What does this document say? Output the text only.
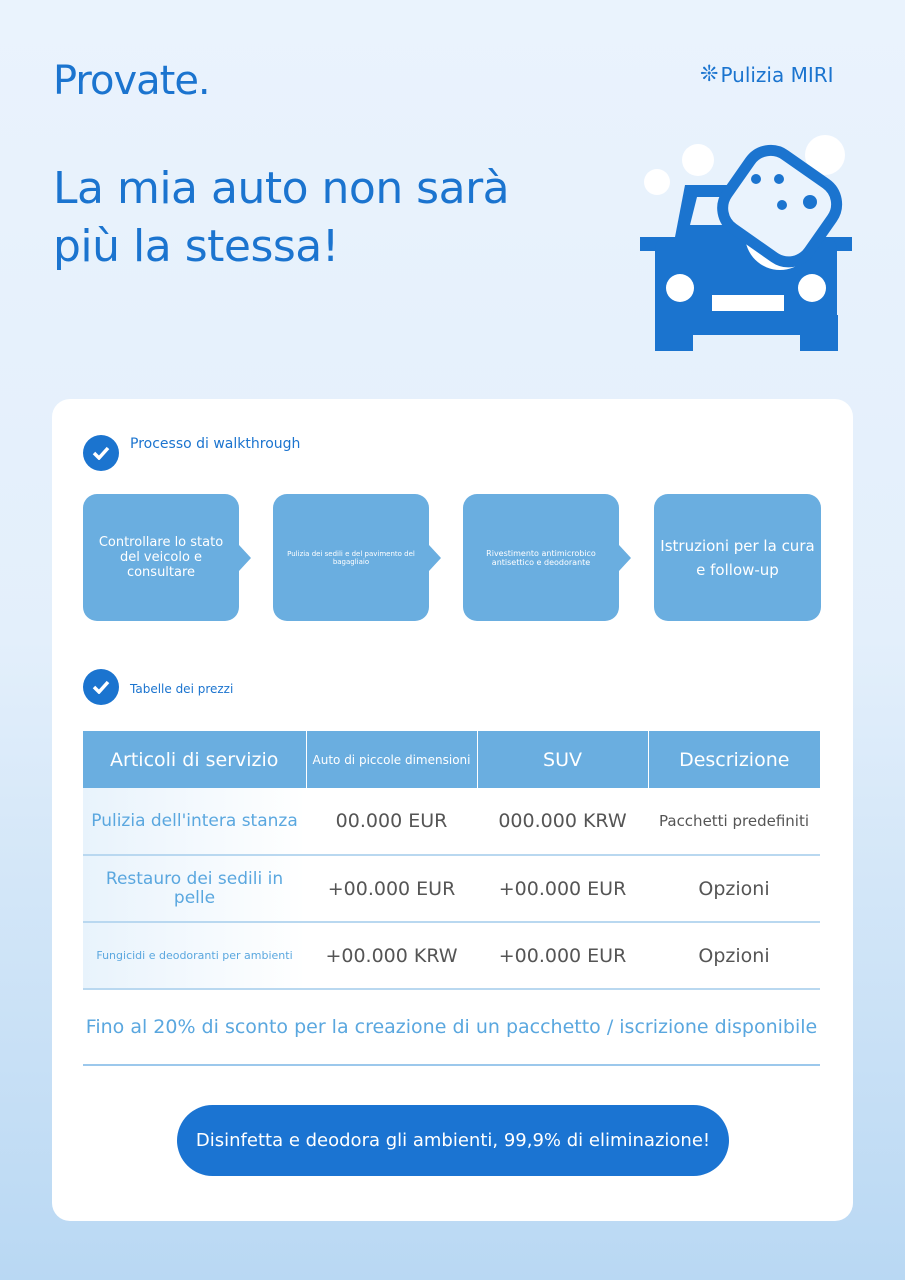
Provate.	❊ Pulizia MIRI
La mia auto non sarà più la stessa!
Processo di walkthrough
Controllare lo stato del veicolo e consultare
Pulizia dei sedili e del pavimento del bagagliaio
Rivestimento antimicrobico antisettico e deodorante
Istruzioni per la cura e follow-up
Tabelle dei prezzi
Articoli di servizio	Auto di piccole dimensioni	SUV	Descrizione
Pulizia dell'intera stanza	00.000 EUR	000.000 KRW	Pacchetti predefiniti
Restauro dei sedili in pelle	+00.000 EUR	+00.000 EUR	Opzioni
Fungicidi e deodoranti per ambienti	+00.000 KRW	+00.000 EUR	Opzioni
Fino al 20% di sconto per la creazione di un pacchetto / iscrizione disponibile
Disinfetta e deodora gli ambienti, 99,9% di eliminazione!
